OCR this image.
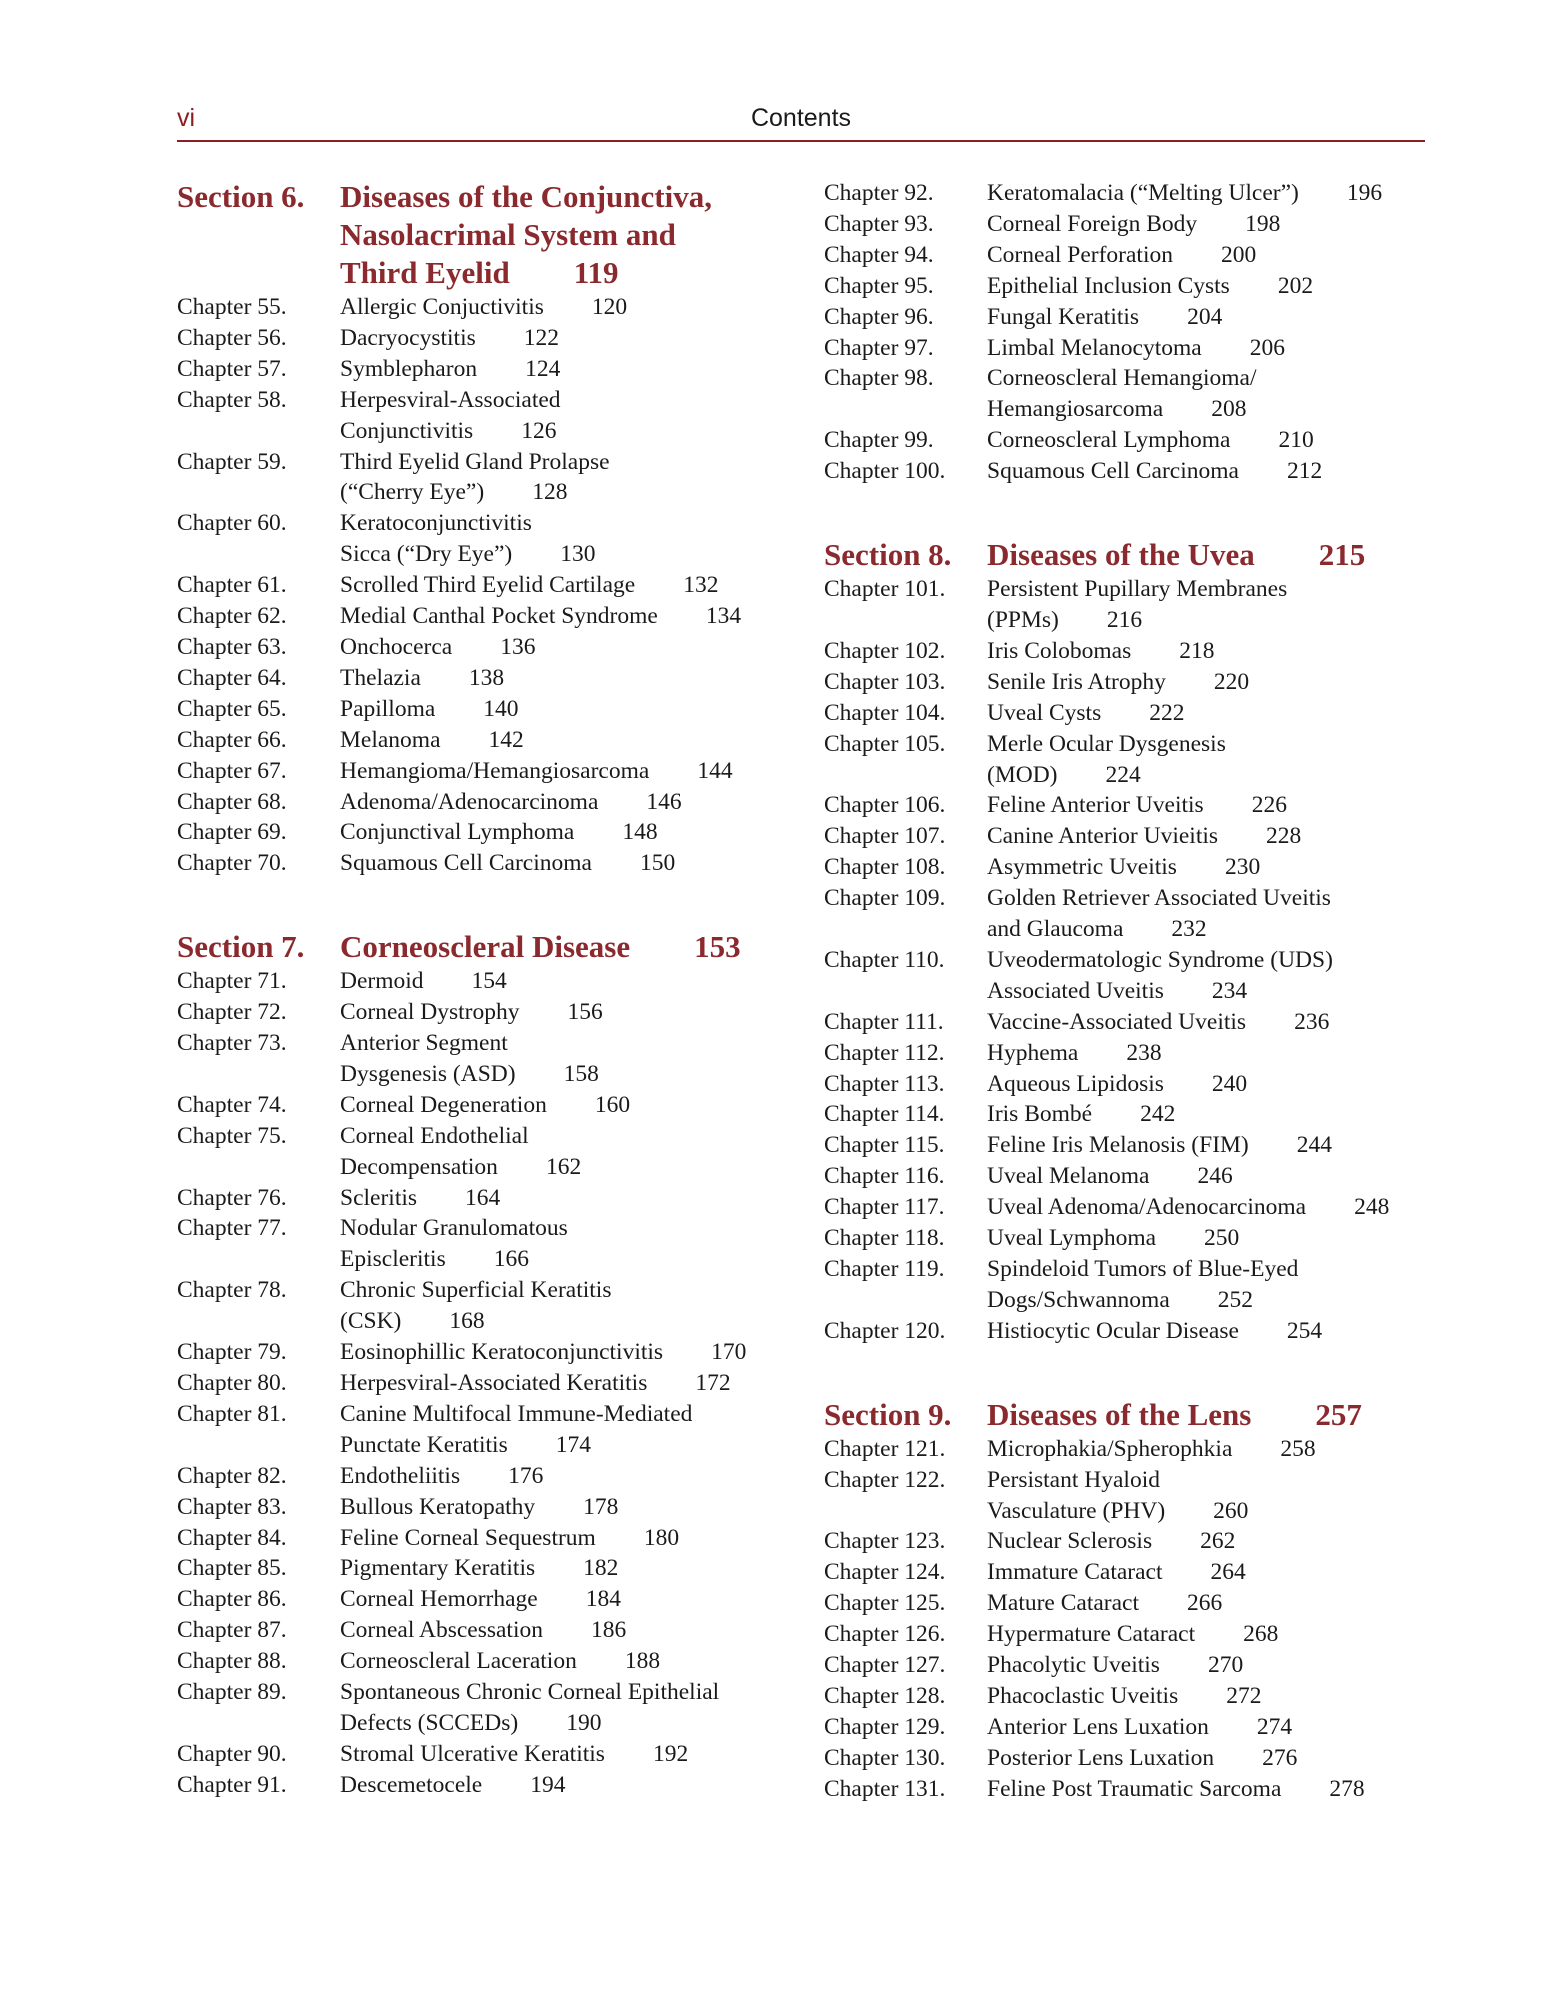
vi	Contents
Section 6.	Diseases of the Conjunctiva,
Nasolacrimal System and
Third Eyelid 119
Chapter 55.	Allergic Conjuctivitis 120
Chapter 56.	Dacryocystitis 122
Chapter 57.	Symblepharon 124
Chapter 58.	Herpesviral-Associated
Conjunctivitis 126
Chapter 59.	Third Eyelid Gland Prolapse
(“Cherry Eye”) 128
Chapter 60.	Keratoconjunctivitis
Sicca (“Dry Eye”) 130
Chapter 61.	Scrolled Third Eyelid Cartilage 132
Chapter 62.	Medial Canthal Pocket Syndrome 134
Chapter 63.	Onchocerca 136
Chapter 64.	Thelazia 138
Chapter 65.	Papilloma 140
Chapter 66.	Melanoma 142
Chapter 67.	Hemangioma/Hemangiosarcoma 144
Chapter 68.	Adenoma/Adenocarcinoma 146
Chapter 69.	Conjunctival Lymphoma 148
Chapter 70.	Squamous Cell Carcinoma 150
Section 7.	Corneoscleral Disease 153
Chapter 71.	Dermoid 154
Chapter 72.	Corneal Dystrophy 156
Chapter 73.	Anterior Segment
Dysgenesis (ASD) 158
Chapter 74.	Corneal Degeneration 160
Chapter 75.	Corneal Endothelial
Decompensation 162
Chapter 76.	Scleritis 164
Chapter 77.	Nodular Granulomatous
Episcleritis 166
Chapter 78.	Chronic Superficial Keratitis
(CSK) 168
Chapter 79.	Eosinophillic Keratoconjunctivitis 170
Chapter 80.	Herpesviral-Associated Keratitis 172
Chapter 81.	Canine Multifocal Immune-Mediated
Punctate Keratitis 174
Chapter 82.	Endotheliitis 176
Chapter 83.	Bullous Keratopathy 178
Chapter 84.	Feline Corneal Sequestrum 180
Chapter 85.	Pigmentary Keratitis 182
Chapter 86.	Corneal Hemorrhage 184
Chapter 87.	Corneal Abscessation 186
Chapter 88.	Corneoscleral Laceration 188
Chapter 89.	Spontaneous Chronic Corneal Epithelial
Defects (SCCEDs) 190
Chapter 90.	Stromal Ulcerative Keratitis 192
Chapter 91.	Descemetocele 194
Chapter 92.	Keratomalacia (“Melting Ulcer”) 196
Chapter 93.	Corneal Foreign Body 198
Chapter 94.	Corneal Perforation 200
Chapter 95.	Epithelial Inclusion Cysts 202
Chapter 96.	Fungal Keratitis 204
Chapter 97.	Limbal Melanocytoma 206
Chapter 98.	Corneoscleral Hemangioma/
Hemangiosarcoma 208
Chapter 99.	Corneoscleral Lymphoma 210
Chapter 100.	Squamous Cell Carcinoma 212
Section 8.	Diseases of the Uvea 215
Chapter 101.	Persistent Pupillary Membranes
(PPMs) 216
Chapter 102.	Iris Colobomas 218
Chapter 103.	Senile Iris Atrophy 220
Chapter 104.	Uveal Cysts 222
Chapter 105.	Merle Ocular Dysgenesis
(MOD) 224
Chapter 106.	Feline Anterior Uveitis 226
Chapter 107.	Canine Anterior Uvieitis 228
Chapter 108.	Asymmetric Uveitis 230
Chapter 109.	Golden Retriever Associated Uveitis
and Glaucoma 232
Chapter 110.	Uveodermatologic Syndrome (UDS)
Associated Uveitis 234
Chapter 111.	Vaccine-Associated Uveitis 236
Chapter 112.	Hyphema 238
Chapter 113.	Aqueous Lipidosis 240
Chapter 114.	Iris Bombé 242
Chapter 115.	Feline Iris Melanosis (FIM) 244
Chapter 116.	Uveal Melanoma 246
Chapter 117.	Uveal Adenoma/Adenocarcinoma 248
Chapter 118.	Uveal Lymphoma 250
Chapter 119.	Spindeloid Tumors of Blue-Eyed
Dogs/Schwannoma 252
Chapter 120.	Histiocytic Ocular Disease 254
Section 9.	Diseases of the Lens 257
Chapter 121.	Microphakia/Spherophkia 258
Chapter 122.	Persistant Hyaloid
Vasculature (PHV) 260
Chapter 123.	Nuclear Sclerosis 262
Chapter 124.	Immature Cataract 264
Chapter 125.	Mature Cataract 266
Chapter 126.	Hypermature Cataract 268
Chapter 127.	Phacolytic Uveitis 270
Chapter 128.	Phacoclastic Uveitis 272
Chapter 129.	Anterior Lens Luxation 274
Chapter 130.	Posterior Lens Luxation 276
Chapter 131.	Feline Post Traumatic Sarcoma 278
